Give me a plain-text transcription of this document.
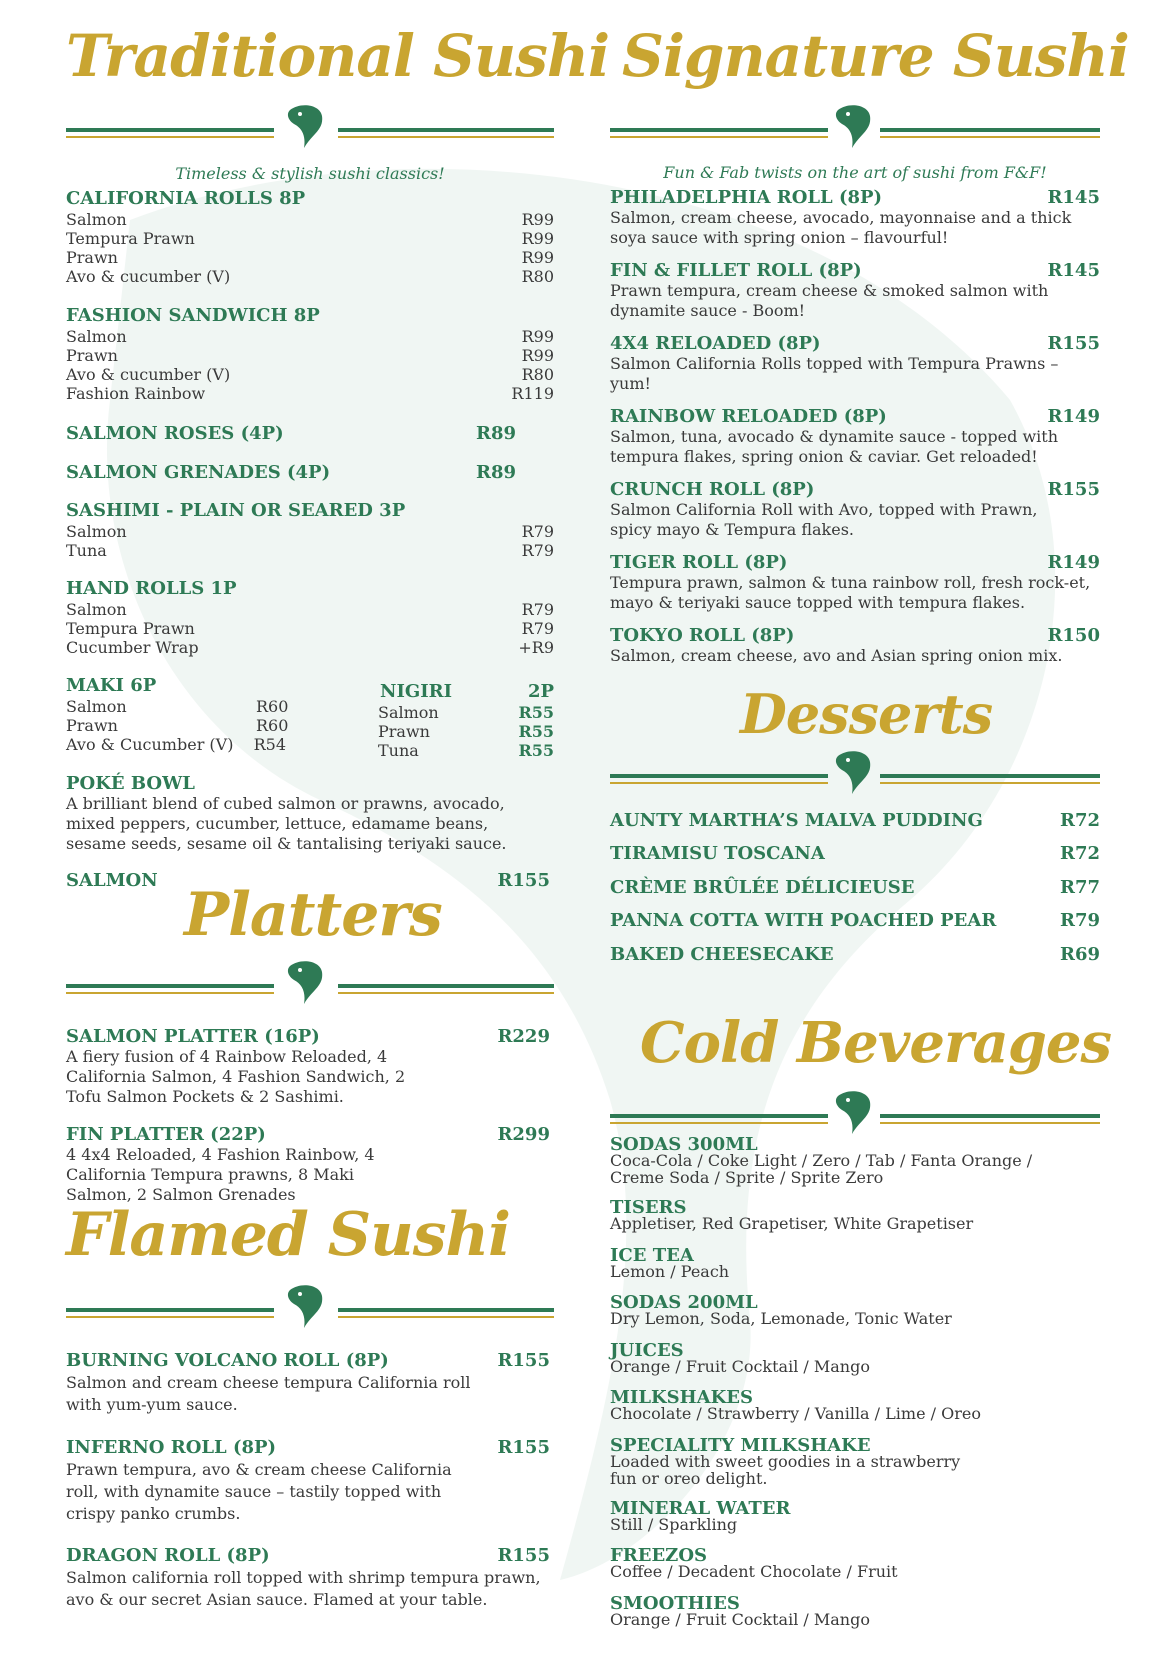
Traditional Sushi
Timeless & stylish sushi classics!
CALIFORNIA ROLLS 8P
Salmon	R99
Tempura Prawn	R99
Prawn	R99
Avo & cucumber (V)	R80
FASHION SANDWICH 8P
Salmon	R99
Prawn	R99
Avo & cucumber (V)	R80
Fashion Rainbow	R119
SALMON ROSES (4P)	R89
SALMON GRENADES (4P)	R89
SASHIMI - PLAIN OR SEARED 3P
Salmon	R79
Tuna	R79
HAND ROLLS 1P
Salmon	R79
Tempura Prawn	R79
Cucumber Wrap	+R9
MAKI 6P
Salmon	R60
Prawn	R60
Avo & Cucumber (V)	R54
NIGIRI	2P
Salmon	R55
Prawn	R55
Tuna	R55
POKÉ BOWL
A brilliant blend of cubed salmon or prawns, avocado, mixed peppers, cucumber, lettuce, edamame beans, sesame seeds, sesame oil & tantalising teriyaki sauce.
SALMON	R155
Platters
SALMON PLATTER (16P)	R229
A fiery fusion of 4 Rainbow Reloaded, 4 California Salmon, 4 Fashion Sandwich, 2 Tofu Salmon Pockets & 2 Sashimi.
FIN PLATTER (22P)	R299
4 4x4 Reloaded, 4 Fashion Rainbow, 4 California Tempura prawns, 8 Maki Salmon, 2 Salmon Grenades
Flamed Sushi
BURNING VOLCANO ROLL (8P)	R155
Salmon and cream cheese tempura California roll with yum-yum sauce.
INFERNO ROLL (8P)	R155
Prawn tempura, avo & cream cheese California roll, with dynamite sauce – tastily topped with crispy panko crumbs.
DRAGON ROLL (8P)	R155
Salmon california roll topped with shrimp tempura prawn, avo & our secret Asian sauce. Flamed at your table.
Signature Sushi
Fun & Fab twists on the art of sushi from F&F!
PHILADELPHIA ROLL (8P)	R145
Salmon, cream cheese, avocado, mayonnaise and a thick soya sauce with spring onion – flavourful!
FIN & FILLET ROLL (8P)	R145
Prawn tempura, cream cheese & smoked salmon with dynamite sauce - Boom!
4X4 RELOADED (8P)	R155
Salmon California Rolls topped with Tempura Prawns – yum!
RAINBOW RELOADED (8P)	R149
Salmon, tuna, avocado & dynamite sauce - topped with tempura flakes, spring onion & caviar. Get reloaded!
CRUNCH ROLL (8P)	R155
Salmon California Roll with Avo, topped with Prawn, spicy mayo & Tempura flakes.
TIGER ROLL (8P)	R149
Tempura prawn, salmon & tuna rainbow roll, fresh rock-et, mayo & teriyaki sauce topped with tempura flakes.
TOKYO ROLL (8P)	R150
Salmon, cream cheese, avo and Asian spring onion mix.
Desserts
AUNTY MARTHA’S MALVA PUDDING	R72
TIRAMISU TOSCANA	R72
CRÈME BRÛLÉE DÉLICIEUSE	R77
PANNA COTTA WITH POACHED PEAR	R79
BAKED CHEESECAKE	R69
Cold Beverages
SODAS 300ML
Coca-Cola / Coke Light / Zero / Tab / Fanta Orange / Creme Soda / Sprite / Sprite Zero
TISERS
Appletiser, Red Grapetiser, White Grapetiser
ICE TEA
Lemon / Peach
SODAS 200ML
Dry Lemon, Soda, Lemonade, Tonic Water
JUICES
Orange / Fruit Cocktail / Mango
MILKSHAKES
Chocolate / Strawberry / Vanilla / Lime / Oreo
SPECIALITY MILKSHAKE
Loaded with sweet goodies in a strawberry fun or oreo delight.
MINERAL WATER
Still / Sparkling
FREEZOS
Coffee / Decadent Chocolate / Fruit
SMOOTHIES
Orange / Fruit Cocktail / Mango
